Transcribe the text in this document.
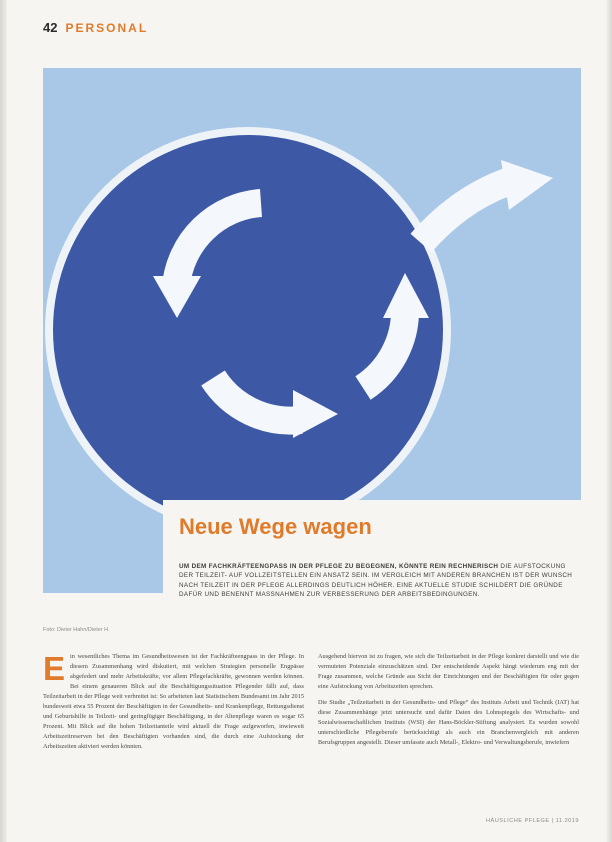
42 PERSONAL
Neue Wege wagen

UM DEM FACHKRÄFTEENGPASS IN DER PFLEGE ZU BEGEGNEN, KÖNNTE REIN RECHNERISCH DIE AUFSTOCKUNG DER TEILZEIT- AUF VOLLZEITSTELLEN EIN ANSATZ SEIN. IM VERGLEICH MIT ANDEREN BRANCHEN IST DER WUNSCH NACH TEILZEIT IN DER PFLEGE ALLERDINGS DEUTLICH HÖHER. EINE AKTUELLE STUDIE SCHILDERT DIE GRÜNDE DAFÜR UND BENENNT MASSNAHMEN ZUR VERBESSERUNG DER ARBEITSBEDINGUNGEN.

Foto: Dieter Hahn/Dieter H.

E in wesentliches Thema im Gesundheitswesen ist der Fachkräfteengpass in der Pflege. In diesem Zusammenhang wird diskutiert, mit welchen Strategien personelle Engpässe abgefedert und mehr Arbeitskräfte, vor allem Pflegefachkräfte, gewonnen werden können. Bei einem genaueren Blick auf die Beschäftigungssituation Pflegender fällt auf, dass Teilzeitarbeit in der Pflege weit verbreitet ist: So arbeiteten laut Statistischem Bundesamt im Jahr 2015 bundesweit etwa 55 Prozent der Beschäftigten in der Gesundheits- und Krankenpflege, Rettungsdienst und Geburtshilfe in Teilzeit- und geringfügiger Beschäftigung, in der Altenpflege waren es sogar 65 Prozent. Mit Blick auf die hohen Teilzeitanteile wird aktuell die Frage aufgeworfen, inwieweit Arbeitszeitreserven bei den Beschäftigten vorhanden sind, die durch eine Aufstockung der Arbeitszeiten aktiviert werden könnten.

Ausgehend hiervon ist zu fragen, wie sich die Teilzeitarbeit in der Pflege konkret darstellt und wie die vermuteten Potenziale einzuschätzen sind. Der entscheidende Aspekt hängt wiederum eng mit der Frage zusammen, welche Gründe aus Sicht der Einrichtungen und der Beschäftigten für oder gegen eine Aufstockung von Arbeitszeiten sprechen.

Die Studie „Teilzeitarbeit in der Gesundheits- und Pflege“ des Instituts Arbeit und Technik (IAT) hat diese Zusammenhänge jetzt untersucht und dafür Daten des Lohnspiegels des Wirtschafts- und Sozialwissenschaftlichen Instituts (WSI) der Hans-Böckler-Stiftung analysiert. Es wurden sowohl unterschiedliche Pflegeberufe berücksichtigt als auch ein Branchenvergleich mit anderen Berufsgruppen angestellt. Dieser umfasste auch Metall-, Elektro- und Verwaltungsberufe, inwiefern

HÄUSLICHE PFLEGE | 11.2019
